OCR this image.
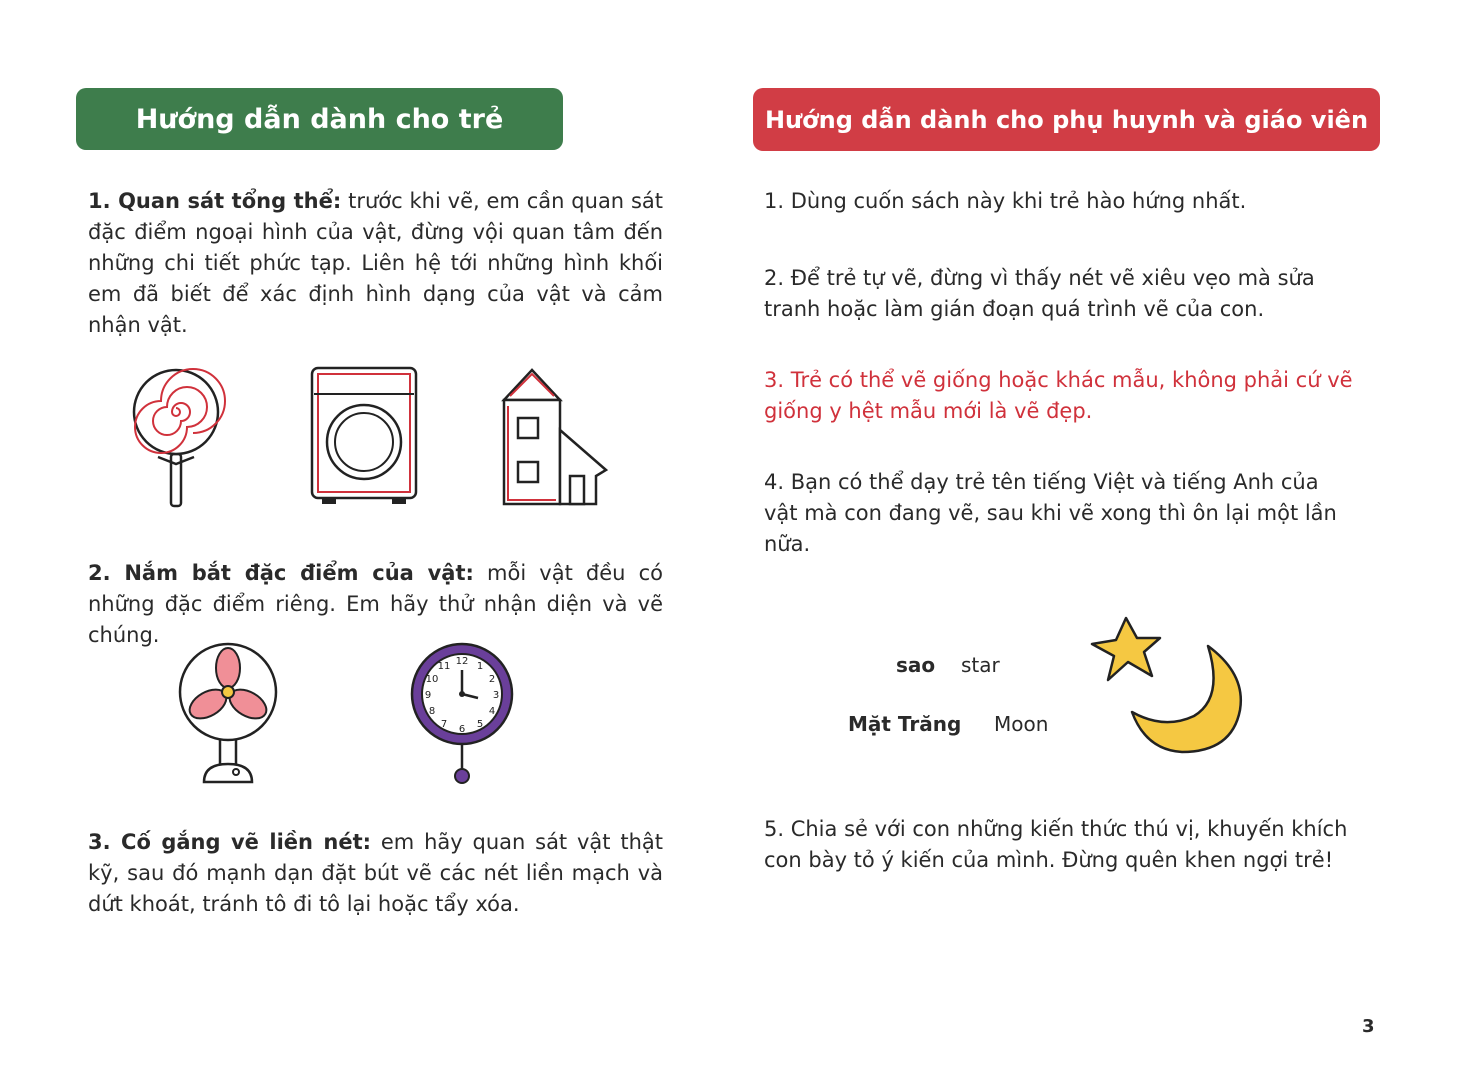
Hướng dẫn dành cho trẻ	Hướng dẫn dành cho phụ huynh và giáo viên

1. Quan sát tổng thể: trước khi vẽ, em cần quan sát đặc điểm ngoại hình của vật, đừng vội quan tâm đến những chi tiết phức tạp. Liên hệ tới những hình khối em đã biết để xác định hình dạng của vật và cảm nhận vật.

2. Nắm bắt đặc điểm của vật: mỗi vật đều có những đặc điểm riêng. Em hãy thử nhận diện và vẽ chúng.

3. Cố gắng vẽ liền nét: em hãy quan sát vật thật kỹ, sau đó mạnh dạn đặt bút vẽ các nét liền mạch và dứt khoát, tránh tô đi tô lại hoặc tẩy xóa.

12 1
2
3
4
5
6
7
8
9
10
11

1. Dùng cuốn sách này khi trẻ hào hứng nhất.

2. Để trẻ tự vẽ, đừng vì thấy nét vẽ xiêu vẹo mà sửa tranh hoặc làm gián đoạn quá trình vẽ của con.

3. Trẻ có thể vẽ giống hoặc khác mẫu, không phải cứ vẽ giống y hệt mẫu mới là vẽ đẹp.

4. Bạn có thể dạy trẻ tên tiếng Việt và tiếng Anh của vật mà con đang vẽ, sau khi vẽ xong thì ôn lại một lần nữa.

5. Chia sẻ với con những kiến thức thú vị, khuyến khích con bày tỏ ý kiến của mình. Đừng quên khen ngợi trẻ!

sao star
Mặt Trăng Moon
3
